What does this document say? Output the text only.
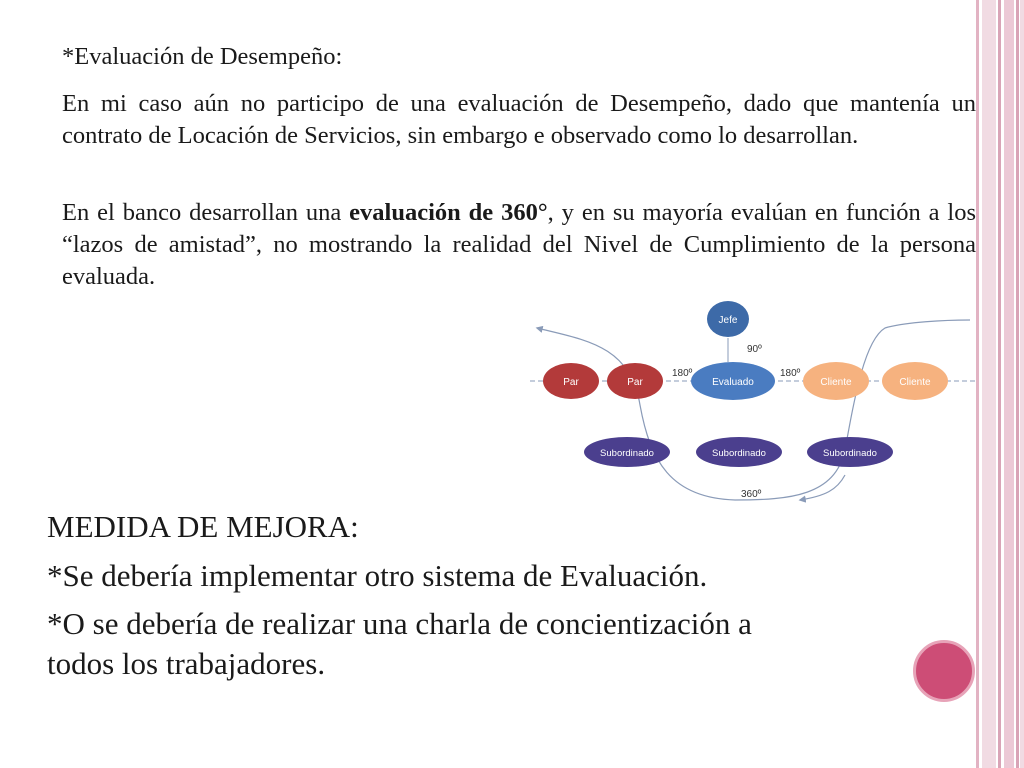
*Evaluación de Desempeño:

En mi caso aún no participo de una evaluación de Desempeño, dado que mantenía un contrato de Locación de Servicios, sin embargo e observado como lo desarrollan.

En el banco desarrollan una evaluación de 360°, y en su mayoría evalúan en función a los “lazos de amistad”, no mostrando la realidad del Nivel de Cumplimiento de la persona evaluada.

Jefe
90º
Par	Par
180º
Evaluado
180º
Cliente	Cliente
Subordinado	Subordinado	Subordinado
360º

MEDIDA DE MEJORA:

*Se debería implementar otro sistema de Evaluación.

*O se debería de realizar una charla de concientización a
todos los trabajadores.
